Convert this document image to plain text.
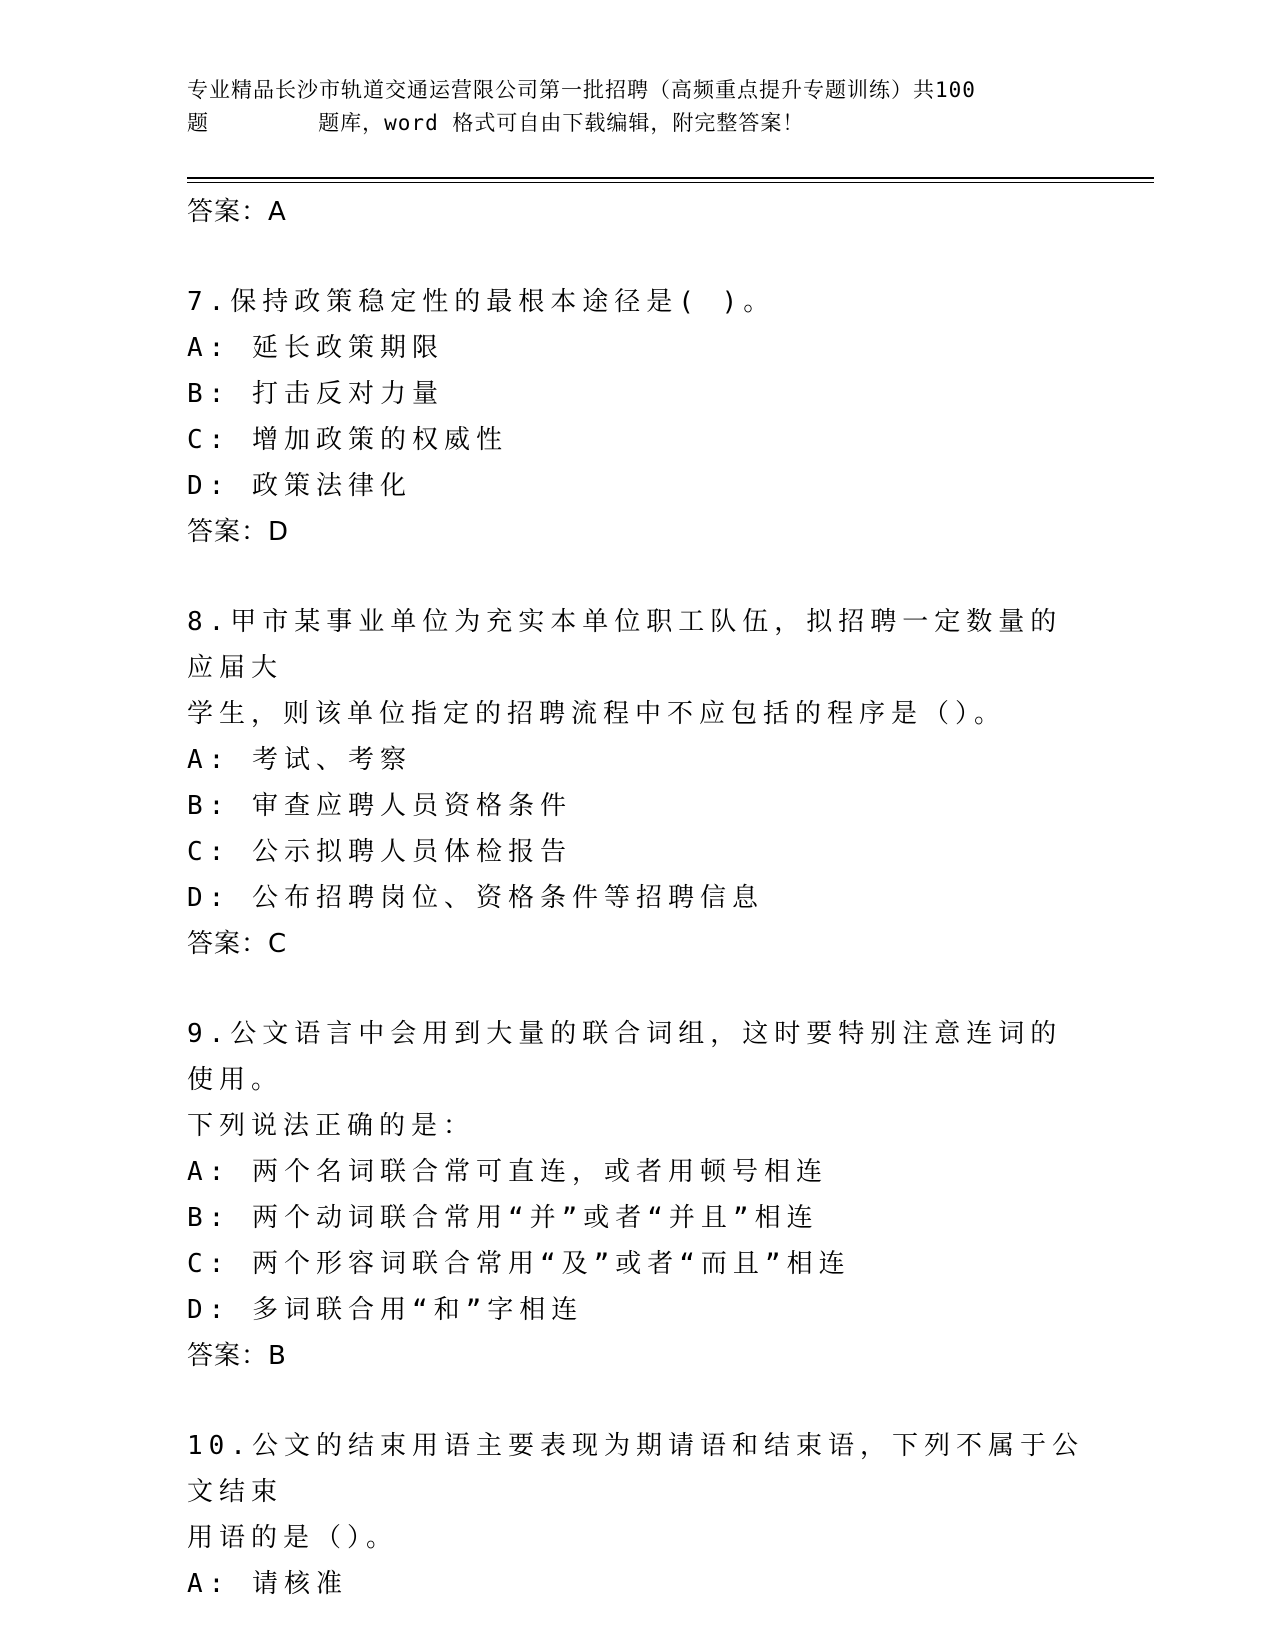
专业精品长沙市轨道交通运营限公司第一批招聘（高频重点提升专题训练）共100
题        题库，word 格式可自由下载编辑，附完整答案！
答案：A
7.保持政策稳定性的最根本途径是( )。
A: 延长政策期限
B: 打击反对力量
C: 增加政策的权威性
D: 政策法律化
答案：D
8.甲市某事业单位为充实本单位职工队伍，拟招聘一定数量的应届大
学生，则该单位指定的招聘流程中不应包括的程序是（）。
A: 考试、考察
B: 审查应聘人员资格条件
C: 公示拟聘人员体检报告
D: 公布招聘岗位、资格条件等招聘信息
答案：C
9.公文语言中会用到大量的联合词组，这时要特别注意连词的使用。
下列说法正确的是：
A: 两个名词联合常可直连，或者用顿号相连
B: 两个动词联合常用“并”或者“并且”相连
C: 两个形容词联合常用“及”或者“而且”相连
D: 多词联合用“和”字相连
答案：B
10.公文的结束用语主要表现为期请语和结束语，下列不属于公文结束
用语的是（）。
A: 请核准
